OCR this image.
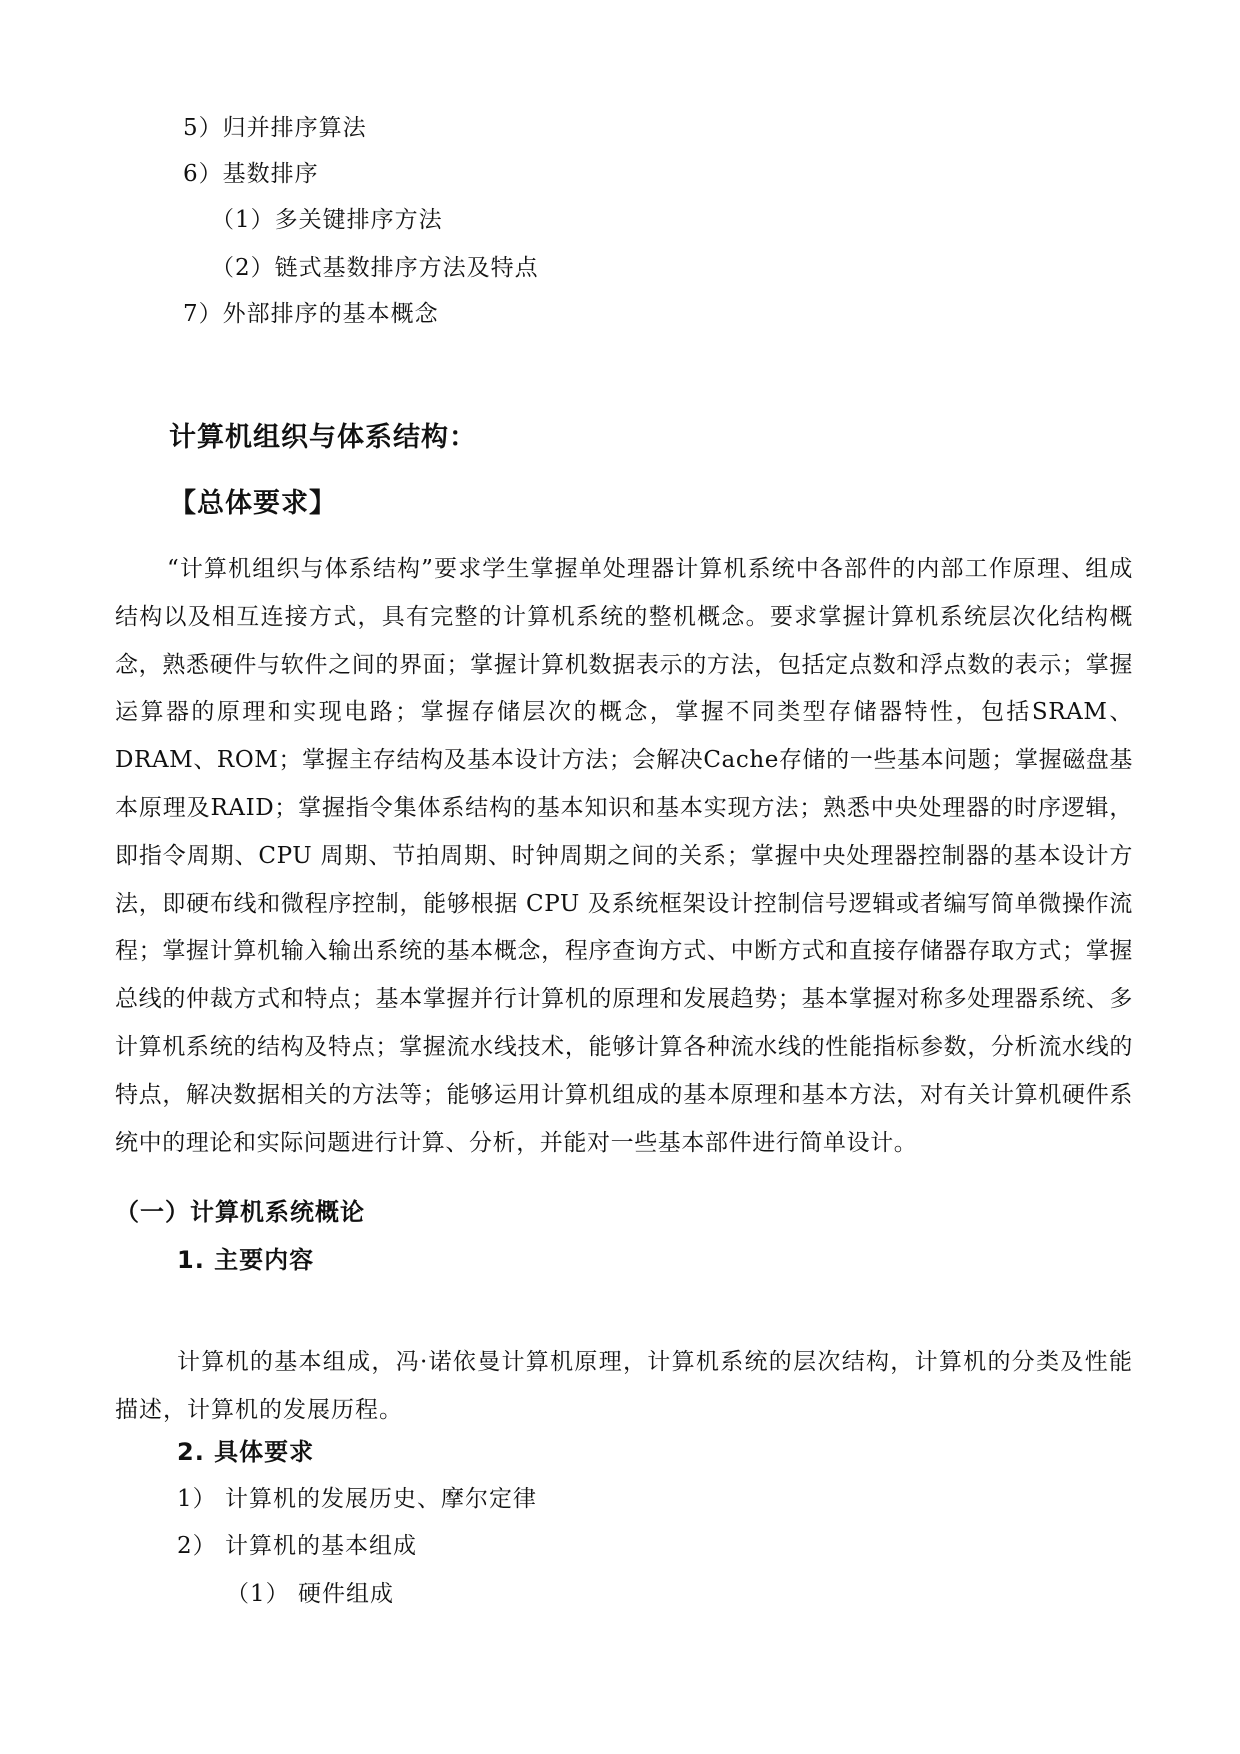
5）归并排序算法
6）基数排序
（1）多关键排序方法
（2）链式基数排序方法及特点
7）外部排序的基本概念
计算机组织与体系结构：
【总体要求】
“计算机组织与体系结构”要求学生掌握单处理器计算机系统中各部件的内部工作原理、组成结构以及相互连接方式，具有完整的计算机系统的整机概念。要求掌握计算机系统层次化结构概念，熟悉硬件与软件之间的界面；掌握计算机数据表示的方法，包括定点数和浮点数的表示；掌握运算器的原理和实现电路；掌握存储层次的概念，掌握不同类型存储器特性，包括SRAM、DRAM、ROM；掌握主存结构及基本设计方法；会解决Cache存储的一些基本问题；掌握磁盘基本原理及RAID；掌握指令集体系结构的基本知识和基本实现方法；熟悉中央处理器的时序逻辑，即指令周期、CPU 周期、节拍周期、时钟周期之间的关系；掌握中央处理器控制器的基本设计方法，即硬布线和微程序控制，能够根据 CPU 及系统框架设计控制信号逻辑或者编写简单微操作流程；掌握计算机输入输出系统的基本概念，程序查询方式、中断方式和直接存储器存取方式；掌握总线的仲裁方式和特点；基本掌握并行计算机的原理和发展趋势；基本掌握对称多处理器系统、多计算机系统的结构及特点；掌握流水线技术，能够计算各种流水线的性能指标参数，分析流水线的特点，解决数据相关的方法等；能够运用计算机组成的基本原理和基本方法，对有关计算机硬件系统中的理论和实际问题进行计算、分析，并能对一些基本部件进行简单设计。
（一）计算机系统概论
1. 主要内容
计算机的基本组成，冯·诺依曼计算机原理，计算机系统的层次结构，计算机的分类及性能描述，计算机的发展历程。
2. 具体要求
1） 计算机的发展历史、摩尔定律
2） 计算机的基本组成
（1） 硬件组成
